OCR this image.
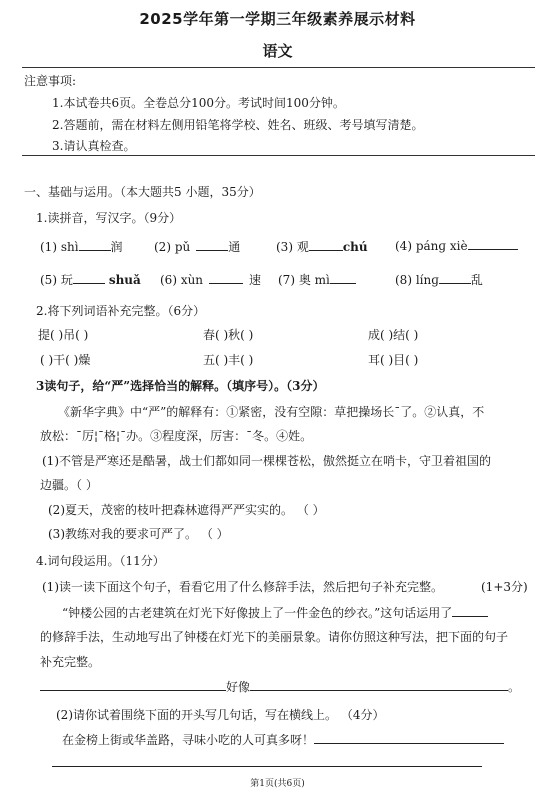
2025学年第一学期三年级素养展示材料
语文
注意事项:
1.本试卷共6页。全卷总分100分。考试时间100分钟。
2.答题前，需在材料左侧用铅笔将学校、姓名、班级、考号填写清楚。
3.请认真检查。
一、基础与运用。（本大题共5 小题，35分）
1.读拼音，写汉字。（9分）
(1) shì	润	(2) pǔ	通	(3) 观	chú (4) pánɡ xiè
(5) 玩	shuǎ (6) xùn	速 (7) 奥 mì	(8) línɡ	乱
2.将下列词语补充完整。（6分）
提( )吊( )	春( )秋( )	成( )结( )
( )干( )燥	五( )丰( )	耳( )目( )
3读句子，给“严”选择恰当的解释。（填序号）。（3分）
《新华字典》中“严”的解释有：①紧密，没有空隙：草把操场长¯了。②认真，不
放松：¯厉¦¯格¦¯办。③程度深，厉害：¯冬。④姓。
(1)不管是严寒还是酷暑，战士们都如同一棵棵苍松，傲然挺立在哨卡，守卫着祖国的
边疆。（ ）
(2)夏天，茂密的枝叶把森林遮得严严实实的。 （ ）
(3)教练对我的要求可严了。 （ ）
4.词句段运用。（11分）
(1)读一读下面这个句子，看看它用了什么修辞手法，然后把句子补充完整。	(1+3分)
“钟楼公园的古老建筑在灯光下好像披上了一件金色的纱衣。”这句话运用了
的修辞手法，生动地写出了钟楼在灯光下的美丽景象。请你仿照这种写法，把下面的句子
补充完整。
好像	。
(2)请你试着围绕下面的开头写几句话，写在横线上。 （4分）
在金榜上街或华盖路，寻味小吃的人可真多呀！
第1页(共6页)
